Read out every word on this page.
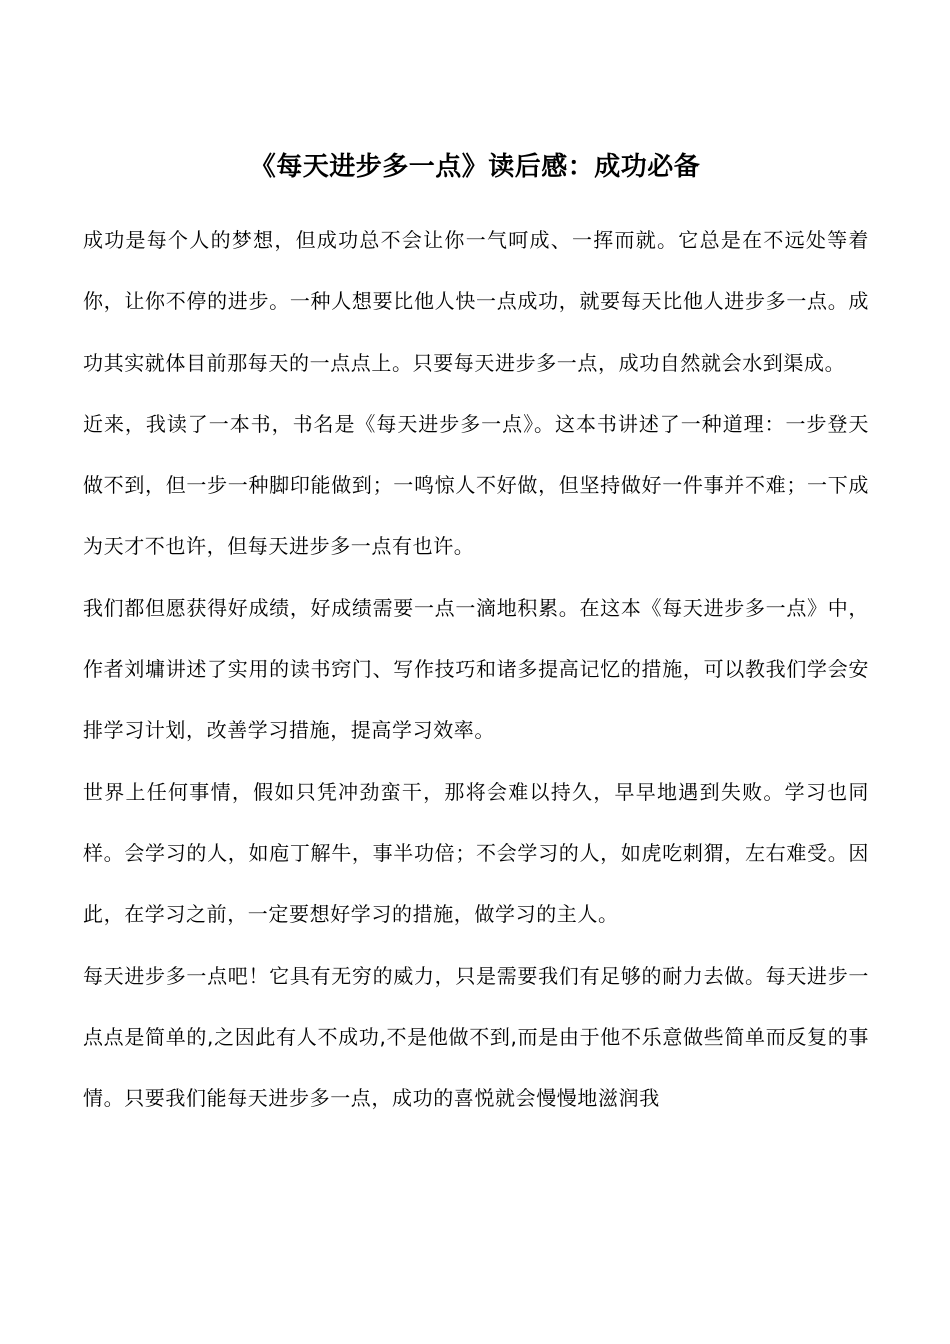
《每天进步多一点》读后感：成功必备

成功是每个人的梦想，但成功总不会让你一气呵成、一挥而就。它总是在不远处等着你，让你不停的进步。一种人想要比他人快一点成功，就要每天比他人进步多一点。成功其实就体目前那每天的一点点上。只要每天进步多一点，成功自然就会水到渠成。

近来，我读了一本书，书名是《每天进步多一点》。这本书讲述了一种道理：一步登天做不到，但一步一种脚印能做到；一鸣惊人不好做，但坚持做好一件事并不难；一下成为天才不也许，但每天进步多一点有也许。

我们都但愿获得好成绩，好成绩需要一点一滴地积累。在这本《每天进步多一点》中，作者刘墉讲述了实用的读书窍门、写作技巧和诸多提高记忆的措施，可以教我们学会安排学习计划，改善学习措施，提高学习效率。

世界上任何事情，假如只凭冲劲蛮干，那将会难以持久，早早地遇到失败。学习也同样。会学习的人，如庖丁解牛，事半功倍；不会学习的人，如虎吃刺猬，左右难受。因此，在学习之前，一定要想好学习的措施，做学习的主人。

每天进步多一点吧！它具有无穷的威力，只是需要我们有足够的耐力去做。每天进步一点点是简单的,之因此有人不成功,不是他做不到,而是由于他不乐意做些简单而反复的事情。只要我们能每天进步多一点，成功的喜悦就会慢慢地滋润我
